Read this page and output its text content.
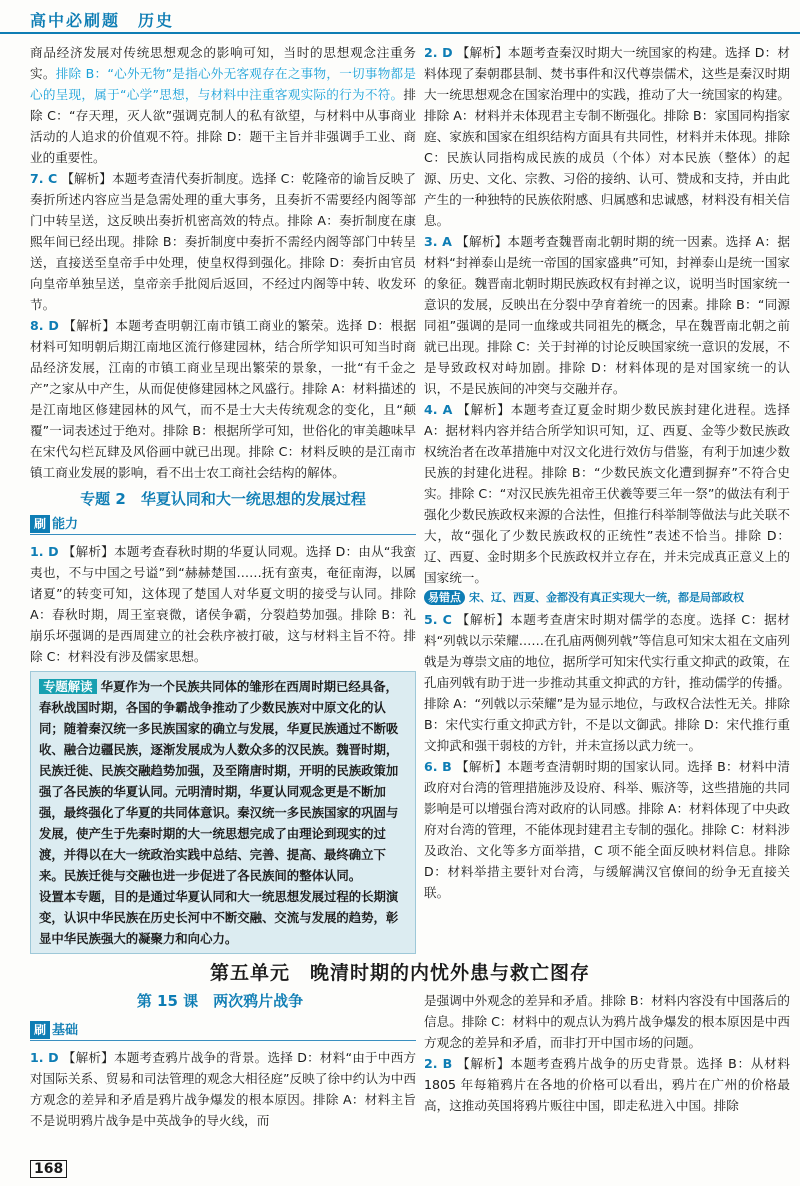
高中必刷题　历史

商品经济发展对传统思想观念的影响可知，当时的思想观念注重务实。排除 B：“心外无物”是指心外无客观存在之事物，一切事物都是心的呈现，属于“心学”思想，与材料中注重客观实际的行为不符。排除 C：“存天理，灭人欲”强调克制人的私有欲望，与材料中从事商业活动的人追求的价值观不符。排除 D：题干主旨并非强调手工业、商业的重要性。

7. C 【解析】本题考查清代奏折制度。选择 C：乾隆帝的谕旨反映了奏折所述内容应当是急需处理的重大事务，且奏折不需要经内阁等部门中转呈送，这反映出奏折机密高效的特点。排除 A：奏折制度在康熙年间已经出现。排除 B：奏折制度中奏折不需经内阁等部门中转呈送，直接送至皇帝手中处理，使皇权得到强化。排除 D：奏折由官员向皇帝单独呈送，皇帝亲手批阅后返回，不经过内阁等中转、收发环节。

8. D 【解析】本题考查明朝江南市镇工商业的繁荣。选择 D：根据材料可知明朝后期江南地区流行修建园林，结合所学知识可知当时商品经济发展，江南的市镇工商业呈现出繁荣的景象，一批“有千金之产”之家从中产生，从而促使修建园林之风盛行。排除 A：材料描述的是江南地区修建园林的风气，而不是士大夫传统观念的变化，且“颠覆”一词表述过于绝对。排除 B：根据所学可知，世俗化的审美趣味早在宋代勾栏瓦肆及风俗画中就已出现。排除 C：材料反映的是江南市镇工商业发展的影响，看不出士农工商社会结构的解体。

专题 2　华夏认同和大一统思想的发展过程
刷 能力

1. D 【解析】本题考查春秋时期的华夏认同观。选择 D：由从“我蛮夷也，不与中国之号谥”到“赫赫楚国……抚有蛮夷，奄征南海，以属诸夏”的转变可知，这体现了楚国人对华夏文明的接受与认同。排除 A：春秋时期，周王室衰微，诸侯争霸，分裂趋势加强。排除 B：礼崩乐坏强调的是西周建立的社会秩序被打破，这与材料主旨不符。排除 C：材料没有涉及儒家思想。

专题解读 华夏作为一个民族共同体的雏形在西周时期已经具备，春秋战国时期，各国的争霸战争推动了少数民族对中原文化的认同；随着秦汉统一多民族国家的确立与发展，华夏民族通过不断吸收、融合边疆民族，逐渐发展成为人数众多的汉民族。魏晋时期，民族迁徙、民族交融趋势加强，及至隋唐时期，开明的民族政策加强了各民族的华夏认同。元明清时期，华夏认同观念更是不断加强，最终强化了华夏的共同体意识。秦汉统一多民族国家的巩固与发展，使产生于先秦时期的大一统思想完成了由理论到现实的过渡，并得以在大一统政治实践中总结、完善、提高、最终确立下来。民族迁徙与交融也进一步促进了各民族间的整体认同。
设置本专题，目的是通过华夏认同和大一统思想发展过程的长期演变，认识中华民族在历史长河中不断交融、交流与发展的趋势，彰显中华民族强大的凝聚力和向心力。

2. D 【解析】本题考查秦汉时期大一统国家的构建。选择 D：材料体现了秦朝郡县制、焚书事件和汉代尊崇儒术，这些是秦汉时期大一统思想观念在国家治理中的实践，推动了大一统国家的构建。排除 A：材料并未体现君主专制不断强化。排除 B：家国同构指家庭、家族和国家在组织结构方面具有共同性，材料并未体现。排除 C：民族认同指构成民族的成员（个体）对本民族（整体）的起源、历史、文化、宗教、习俗的接纳、认可、赞成和支持，并由此产生的一种独特的民族依附感、归属感和忠诚感，材料没有相关信息。

3. A 【解析】本题考查魏晋南北朝时期的统一因素。选择 A：据材料“封禅泰山是统一帝国的国家盛典”可知，封禅泰山是统一国家的象征。魏晋南北朝时期民族政权有封禅之议，说明当时国家统一意识的发展，反映出在分裂中孕育着统一的因素。排除 B：“同源同祖”强调的是同一血缘或共同祖先的概念，早在魏晋南北朝之前就已出现。排除 C：关于封禅的讨论反映国家统一意识的发展，不是导致政权对峙加剧。排除 D：材料体现的是对国家统一的认识，不是民族间的冲突与交融并存。

4. A 【解析】本题考查辽夏金时期少数民族封建化进程。选择 A：据材料内容并结合所学知识可知，辽、西夏、金等少数民族政权统治者在改革措施中对汉文化进行效仿与借鉴，有利于加速少数民族的封建化进程。排除 B：“少数民族文化遭到摒弃”不符合史实。排除 C：“对汉民族先祖帝王伏羲等要三年一祭”的做法有利于强化少数民族政权来源的合法性，但推行科举制等做法与此关联不大，故“强化了少数民族政权的正统性”表述不恰当。排除 D：辽、西夏、金时期多个民族政权并立存在，并未完成真正意义上的国家统一。

易错点 宋、辽、西夏、金都没有真正实现大一统，都是局部政权

5. C 【解析】本题考查唐宋时期对儒学的态度。选择 C：据材料“列戟以示荣耀……在孔庙两侧列戟”等信息可知宋太祖在文庙列戟是为尊崇文庙的地位，据所学可知宋代实行重文抑武的政策，在孔庙列戟有助于进一步推动其重文抑武的方针，推动儒学的传播。排除 A：“列戟以示荣耀”是为显示地位，与政权合法性无关。排除 B：宋代实行重文抑武方针，不是以文御武。排除 D：宋代推行重文抑武和强干弱枝的方针，并未宣扬以武力统一。

6. B 【解析】本题考查清朝时期的国家认同。选择 B：材料中清政府对台湾的管理措施涉及设府、科举、赈济等，这些措施的共同影响是可以增强台湾对政府的认同感。排除 A：材料体现了中央政府对台湾的管理，不能体现封建君主专制的强化。排除 C：材料涉及政治、文化等多方面举措，C 项不能全面反映材料信息。排除 D：材料举措主要针对台湾，与缓解满汉官僚间的纷争无直接关联。

第五单元　晚清时期的内忧外患与救亡图存
第 15 课　两次鸦片战争
刷 基础

1. D 【解析】本题考查鸦片战争的背景。选择 D：材料“由于中西方对国际关系、贸易和司法管理的观念大相径庭”反映了徐中约认为中西方观念的差异和矛盾是鸦片战争爆发的根本原因。排除 A：材料主旨不是说明鸦片战争是中英战争的导火线，而

是强调中外观念的差异和矛盾。排除 B：材料内容没有中国落后的信息。排除 C：材料中的观点认为鸦片战争爆发的根本原因是中西方观念的差异和矛盾，而非打开中国市场的问题。

2. B 【解析】本题考查鸦片战争的历史背景。选择 B：从材料 1805 年每箱鸦片在各地的价格可以看出，鸦片在广州的价格最高，这推动英国将鸦片贩往中国，即走私进入中国。排除

168
